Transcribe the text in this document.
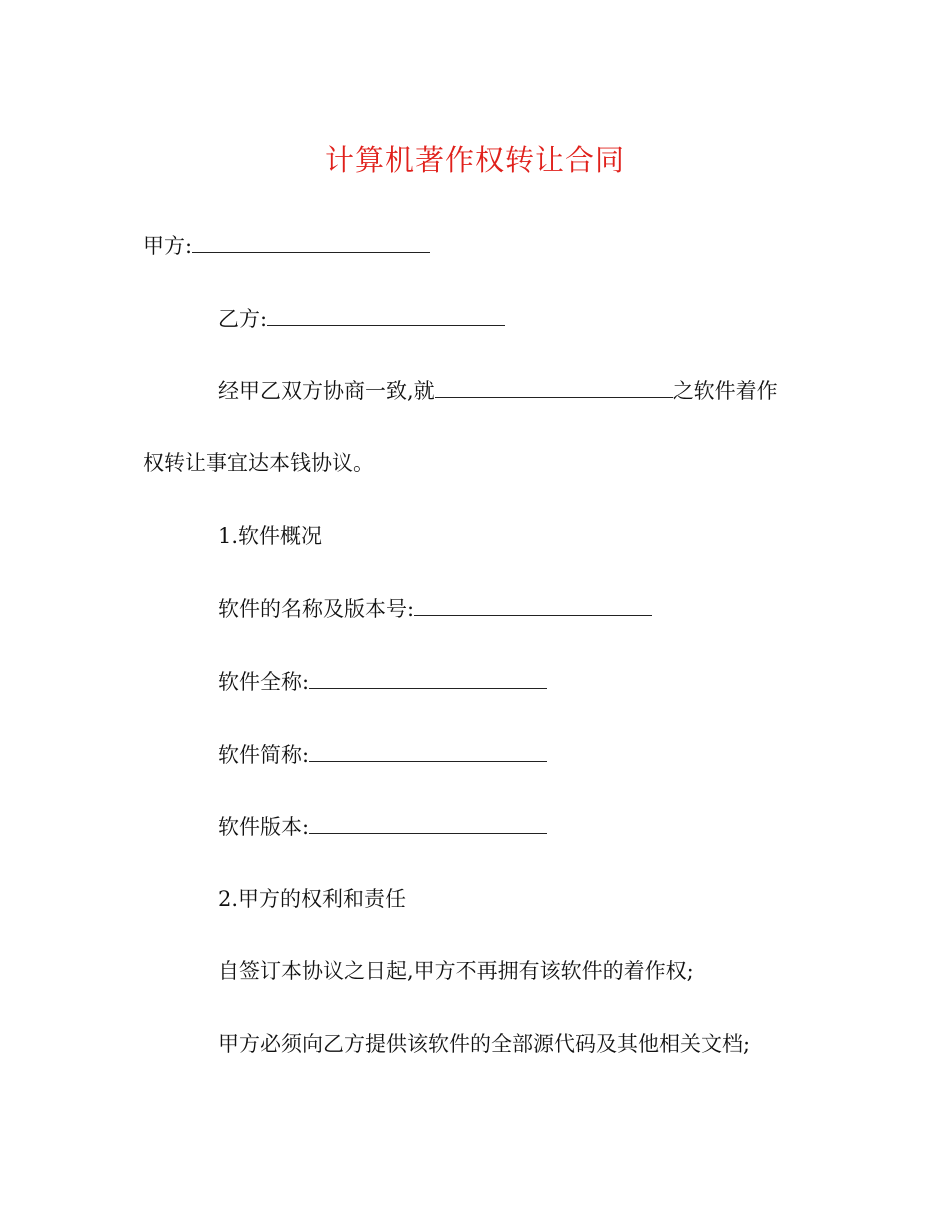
计算机著作权转让合同
甲方:
乙方:
经甲乙双方协商一致,就	之软件着作
权转让事宜达本钱协议。
1.软件概况
软件的名称及版本号:
软件全称:
软件简称:
软件版本:
2.甲方的权利和责任
自签订本协议之日起,甲方不再拥有该软件的着作权;
甲方必须向乙方提供该软件的全部源代码及其他相关文档;
